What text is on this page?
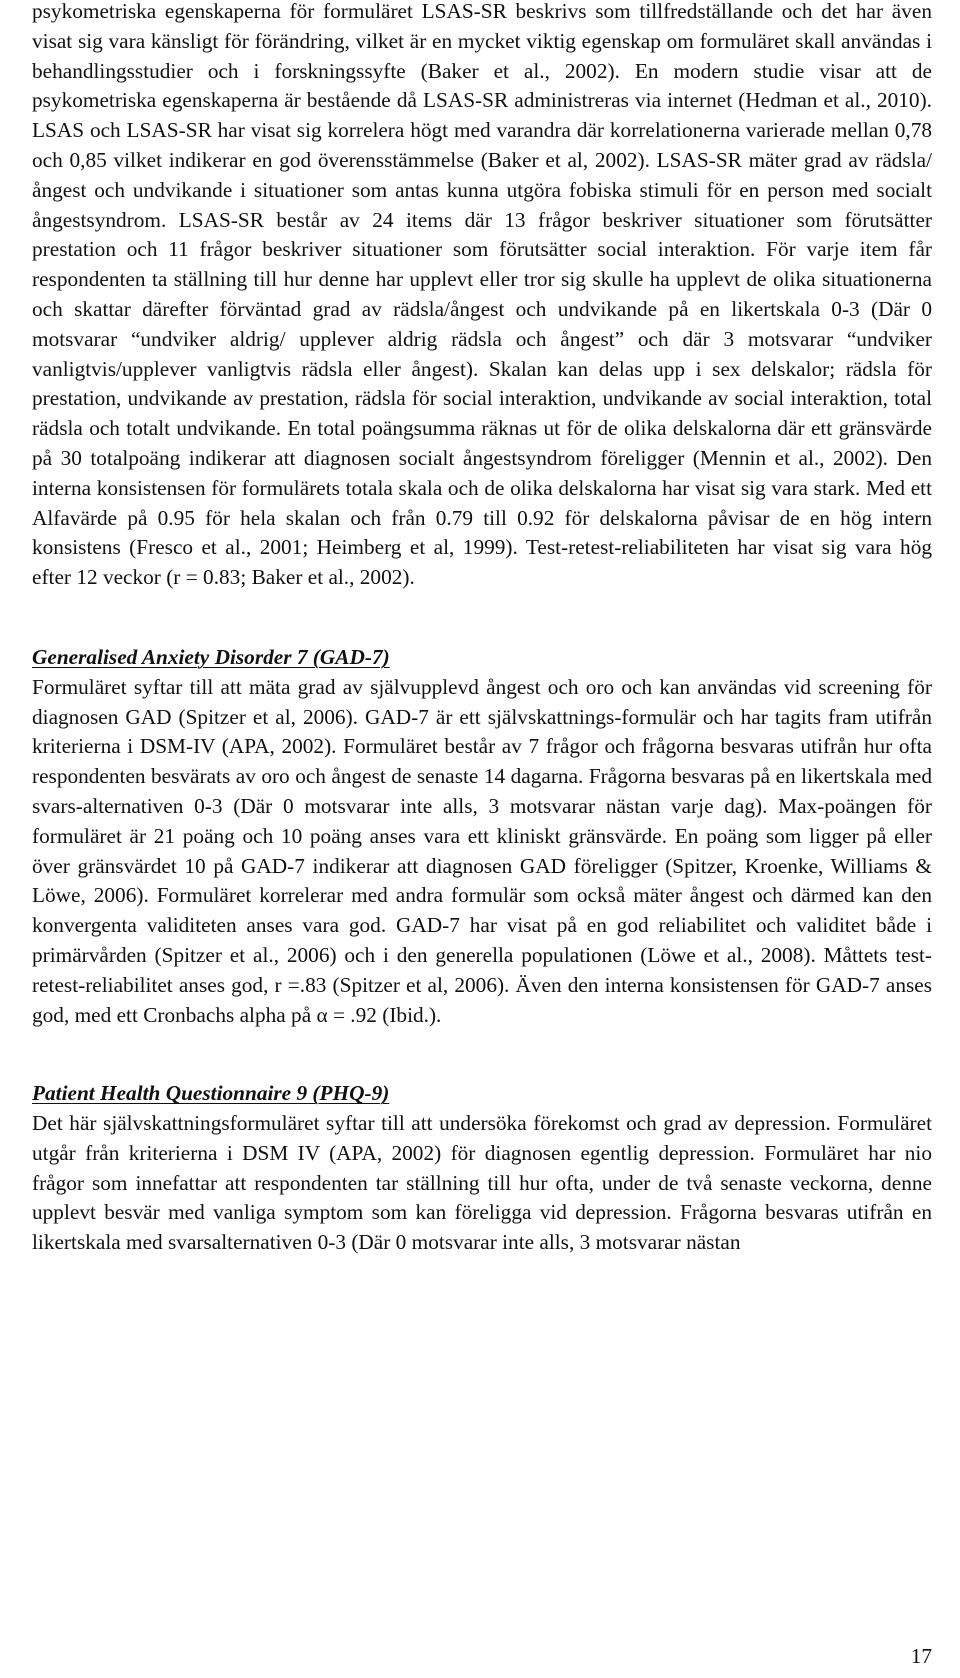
psykometriska egenskaperna för formuläret LSAS-SR beskrivs som tillfredställande och det har även visat sig vara känsligt för förändring, vilket är en mycket viktig egenskap om formuläret skall användas i behandlingsstudier och i forskningssyfte (Baker et al., 2002). En modern studie visar att de psykometriska egenskaperna är bestående då LSAS-SR administreras via internet (Hedman et al., 2010). LSAS och LSAS-SR har visat sig korrelera högt med varandra där korrelationerna varierade mellan 0,78 och 0,85 vilket indikerar en god överensstämmelse (Baker et al, 2002). LSAS-SR mäter grad av rädsla/ångest och undvikande i situationer som antas kunna utgöra fobiska stimuli för en person med socialt ångestsyndrom. LSAS-SR består av 24 items där 13 frågor beskriver situationer som förutsätter prestation och 11 frågor beskriver situationer som förutsätter social interaktion. För varje item får respondenten ta ställning till hur denne har upplevt eller tror sig skulle ha upplevt de olika situationerna och skattar därefter förväntad grad av rädsla/ångest och undvikande på en likertskala 0-3 (Där 0 motsvarar “undviker aldrig/ upplever aldrig rädsla och ångest” och där 3 motsvarar “undviker vanligtvis/upplever vanligtvis rädsla eller ångest). Skalan kan delas upp i sex delskalor; rädsla för prestation, undvikande av prestation, rädsla för social interaktion, undvikande av social interaktion, total rädsla och totalt undvikande. En total poängsumma räknas ut för de olika delskalorna där ett gränsvärde på 30 totalpoäng indikerar att diagnosen socialt ångestsyndrom föreligger (Mennin et al., 2002). Den interna konsistensen för formulärets totala skala och de olika delskalorna har visat sig vara stark. Med ett Alfavärde på 0.95 för hela skalan och från 0.79 till 0.92 för delskalorna påvisar de en hög intern konsistens (Fresco et al., 2001; Heimberg et al, 1999). Test-retest-reliabiliteten har visat sig vara hög efter 12 veckor (r = 0.83; Baker et al., 2002).

Generalised Anxiety Disorder 7 (GAD-7)

Formuläret syftar till att mäta grad av självupplevd ångest och oro och kan användas vid screening för diagnosen GAD (Spitzer et al, 2006). GAD-7 är ett självskattnings-formulär och har tagits fram utifrån kriterierna i DSM-IV (APA, 2002). Formuläret består av 7 frågor och frågorna besvaras utifrån hur ofta respondenten besvärats av oro och ångest de senaste 14 dagarna. Frågorna besvaras på en likertskala med svars-alternativen 0-3 (Där 0 motsvarar inte alls, 3 motsvarar nästan varje dag). Max-poängen för formuläret är 21 poäng och 10 poäng anses vara ett kliniskt gränsvärde. En poäng som ligger på eller över gränsvärdet 10 på GAD-7 indikerar att diagnosen GAD föreligger (Spitzer, Kroenke, Williams & Löwe, 2006). Formuläret korrelerar med andra formulär som också mäter ångest och därmed kan den konvergenta validiteten anses vara god. GAD-7 har visat på en god reliabilitet och validitet både i primärvården (Spitzer et al., 2006) och i den generella populationen (Löwe et al., 2008). Måttets test-retest-reliabilitet anses god, r =.83 (Spitzer et al, 2006). Även den interna konsistensen för GAD-7 anses god, med ett Cronbachs alpha på α = .92 (Ibid.).

Patient Health Questionnaire 9 (PHQ-9)

Det här självskattningsformuläret syftar till att undersöka förekomst och grad av depression. Formuläret utgår från kriterierna i DSM IV (APA, 2002) för diagnosen egentlig depression. Formuläret har nio frågor som innefattar att respondenten tar ställning till hur ofta, under de två senaste veckorna, denne upplevt besvär med vanliga symptom som kan föreligga vid depression. Frågorna besvaras utifrån en likertskala med svarsalternativen 0-3 (Där 0 motsvarar inte alls, 3 motsvarar nästan

17
